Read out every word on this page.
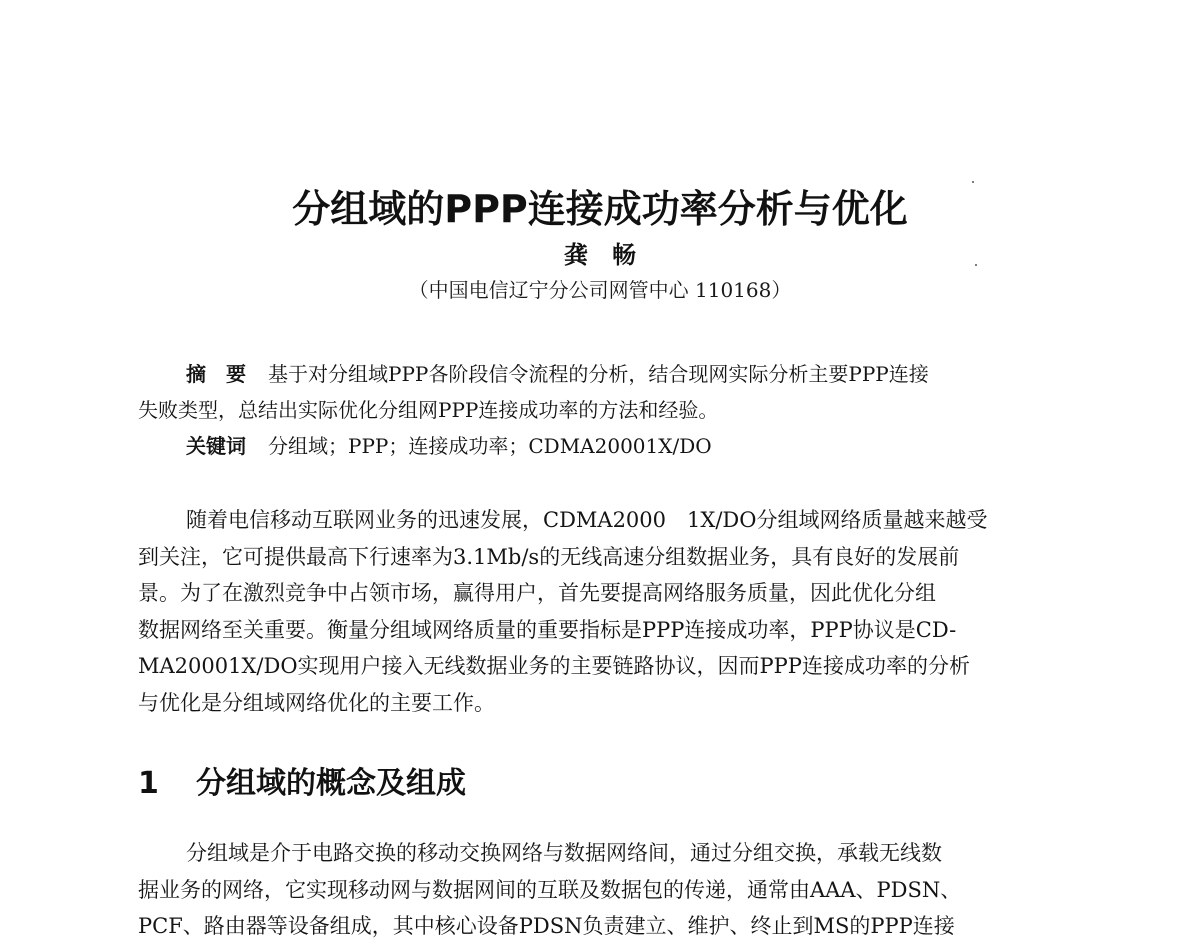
分组域的PPP连接成功率分析与优化
龚　畅
（中国电信辽宁分公司网管中心 110168）
摘　要 基于对分组域PPP各阶段信令流程的分析，结合现网实际分析主要PPP连接
失败类型，总结出实际优化分组网PPP连接成功率的方法和经验。
关键词 分组域；PPP；连接成功率；CDMA20001X/DO
随着电信移动互联网业务的迅速发展，CDMA2000　1X/DO分组域网络质量越来越受
到关注，它可提供最高下行速率为3.1Mb/s的无线高速分组数据业务，具有良好的发展前
景。为了在激烈竞争中占领市场，赢得用户，首先要提高网络服务质量，因此优化分组
数据网络至关重要。衡量分组域网络质量的重要指标是PPP连接成功率，PPP协议是CD-
MA20001X/DO实现用户接入无线数据业务的主要链路协议，因而PPP连接成功率的分析
与优化是分组域网络优化的主要工作。
1 分组域的概念及组成
分组域是介于电路交换的移动交换网络与数据网络间，通过分组交换，承载无线数
据业务的网络，它实现移动网与数据网间的互联及数据包的传递，通常由AAA、PDSN、
PCF、路由器等设备组成，其中核心设备PDSN负责建立、维护、终止到MS的PPP连接
